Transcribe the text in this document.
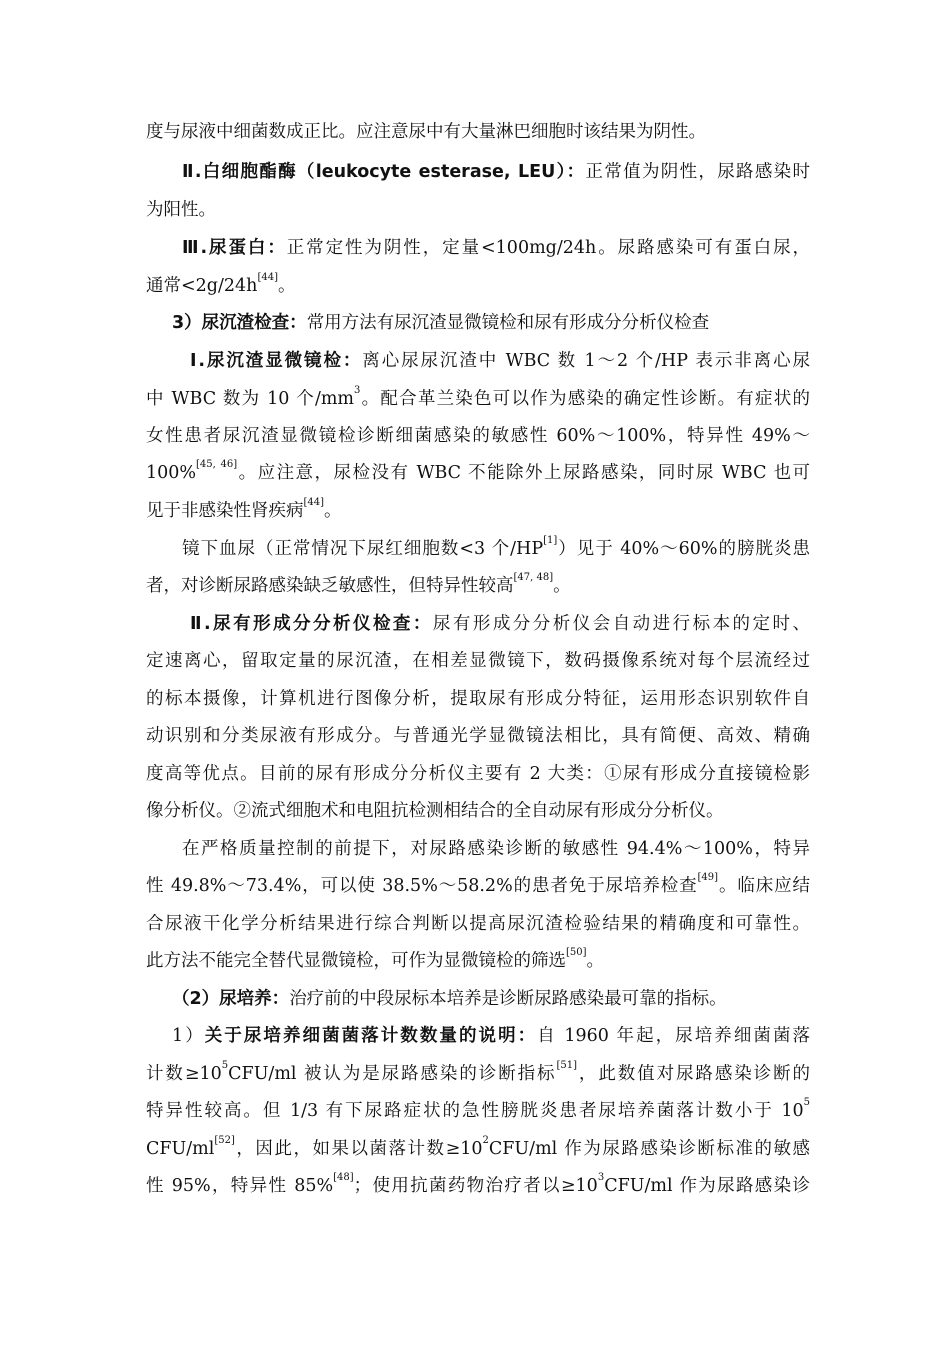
度与尿液中细菌数成正比。应注意尿中有大量淋巴细胞时该结果为阴性。
Ⅱ.白细胞酯酶（leukocyte esterase, LEU）：正常值为阴性，尿路感染时
为阳性。
Ⅲ.尿蛋白：正常定性为阴性，定量<100mg/24h。尿路感染可有蛋白尿，
通常<2g/24h[44]。
3）尿沉渣检查：常用方法有尿沉渣显微镜检和尿有形成分分析仪检查
Ⅰ.尿沉渣显微镜检：离心尿尿沉渣中 WBC 数 1～2 个/HP 表示非离心尿
中 WBC 数为 10 个$/mm^3$。配合革兰染色可以作为感染的确定性诊断。有症状的
女性患者尿沉渣显微镜检诊断细菌感染的敏感性 60%～100%，特异性 49%～
100%[45, 46]。应注意，尿检没有 WBC 不能除外上尿路感染，同时尿 WBC 也可
见于非感染性肾疾病[44]。
镜下血尿（正常情况下尿红细胞数<3 个/HP[1]）见于 40%～60%的膀胱炎患
者，对诊断尿路感染缺乏敏感性，但特异性较高[47, 48]。
Ⅱ.尿有形成分分析仪检查：尿有形成分分析仪会自动进行标本的定时、
定速离心，留取定量的尿沉渣，在相差显微镜下，数码摄像系统对每个层流经过
的标本摄像，计算机进行图像分析，提取尿有形成分特征，运用形态识别软件自
动识别和分类尿液有形成分。与普通光学显微镜法相比，具有简便、高效、精确
度高等优点。目前的尿有形成分分析仪主要有 2 大类：①尿有形成分直接镜检影
像分析仪。②流式细胞术和电阻抗检测相结合的全自动尿有形成分分析仪。
在严格质量控制的前提下，对尿路感染诊断的敏感性 94.4%～100%，特异
性 49.8%～73.4%，可以使 38.5%～58.2%的患者免于尿培养检查[49]。临床应结
合尿液干化学分析结果进行综合判断以提高尿沉渣检验结果的精确度和可靠性。
此方法不能完全替代显微镜检，可作为显微镜检的筛选[50]。
（2）尿培养：治疗前的中段尿标本培养是诊断尿路感染最可靠的指标。
1）关于尿培养细菌菌落计数数量的说明：自 1960 年起，尿培养细菌菌落
计数$\ge 10^5CFU/ml$ 被认为是尿路感染的诊断指标[51]，此数值对尿路感染诊断的
特异性较高。但 1/3 有下尿路症状的急性膀胱炎患者尿培养菌落计数小于 $10^5$
CFU/ml[52]，因此，如果以菌落计数$\ge 10^2CFU/ml$ 作为尿路感染诊断标准的敏感
性 95%，特异性 85%[48]；使用抗菌药物治疗者以$\ge 10^3CFU/ml$ 作为尿路感染诊
